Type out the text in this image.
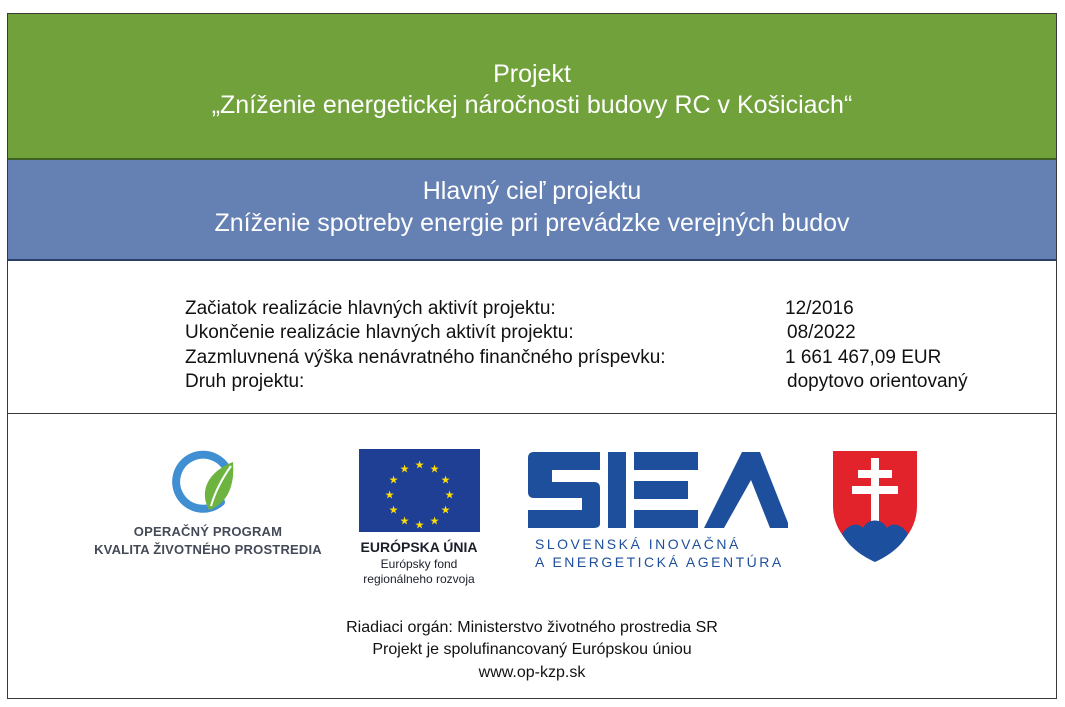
Projekt
„Zníženie energetickej náročnosti budovy RC v Košiciach“
Hlavný cieľ projektu
Zníženie spotreby energie pri prevádzke verejných budov
Začiatok realizácie hlavných aktivít projektu:	12/2016
Ukončenie realizácie hlavných aktivít projektu:	08/2022
Zazmluvnená výška nenávratného finančného príspevku:	1 661 467,09 EUR
Druh projektu:	dopytovo orientovaný
OPERAČNÝ PROGRAM
KVALITA ŽIVOTNÉHO PROSTREDIA
★ ★
★
★
★
★
★
★
★
★
★
★
EURÓPSKA ÚNIA
Európsky fond
regionálneho rozvoja
SLOVENSKÁ INOVAČNÁ
A ENERGETICKÁ AGENTÚRA
Riadiaci orgán: Ministerstvo životného prostredia SR
Projekt je spolufinancovaný Európskou úniou
www.op-kzp.sk
